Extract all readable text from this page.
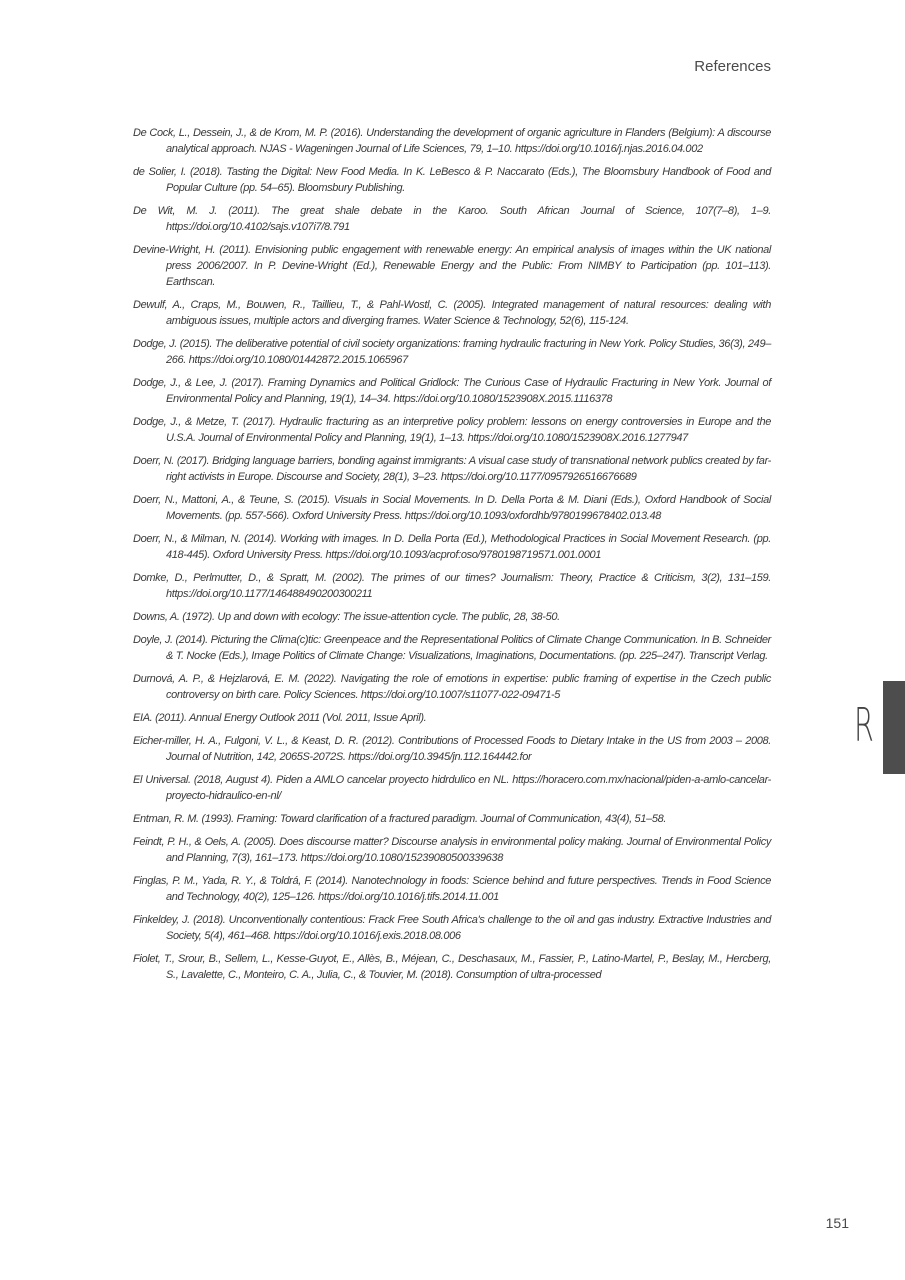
References
De Cock, L., Dessein, J., & de Krom, M. P. (2016). Understanding the development of organic agriculture in Flanders (Belgium): A discourse analytical approach. NJAS - Wageningen Journal of Life Sciences, 79, 1–10. https://doi.org/10.1016/j.njas.2016.04.002
de Solier, I. (2018). Tasting the Digital: New Food Media. In K. LeBesco & P. Naccarato (Eds.), The Bloomsbury Handbook of Food and Popular Culture (pp. 54–65). Bloomsbury Publishing.
De Wit, M. J. (2011). The great shale debate in the Karoo. South African Journal of Science, 107(7–8), 1–9. https://doi.org/10.4102/sajs.v107i7/8.791
Devine-Wright, H. (2011). Envisioning public engagement with renewable energy: An empirical analysis of images within the UK national press 2006/2007. In P. Devine-Wright (Ed.), Renewable Energy and the Public: From NIMBY to Participation (pp. 101–113). Earthscan.
Dewulf, A., Craps, M., Bouwen, R., Taillieu, T., & Pahl-Wostl, C. (2005). Integrated management of natural resources: dealing with ambiguous issues, multiple actors and diverging frames. Water Science & Technology, 52(6), 115-124.
Dodge, J. (2015). The deliberative potential of civil society organizations: framing hydraulic fracturing in New York. Policy Studies, 36(3), 249–266. https://doi.org/10.1080/01442872.2015.1065967
Dodge, J., & Lee, J. (2017). Framing Dynamics and Political Gridlock: The Curious Case of Hydraulic Fracturing in New York. Journal of Environmental Policy and Planning, 19(1), 14–34. https://doi.org/10.1080/1523908X.2015.1116378
Dodge, J., & Metze, T. (2017). Hydraulic fracturing as an interpretive policy problem: lessons on energy controversies in Europe and the U.S.A. Journal of Environmental Policy and Planning, 19(1), 1–13. https://doi.org/10.1080/1523908X.2016.1277947
Doerr, N. (2017). Bridging language barriers, bonding against immigrants: A visual case study of transnational network publics created by far-right activists in Europe. Discourse and Society, 28(1), 3–23. https://doi.org/10.1177/0957926516676689
Doerr, N., Mattoni, A., & Teune, S. (2015). Visuals in Social Movements. In D. Della Porta & M. Diani (Eds.), Oxford Handbook of Social Movements. (pp. 557-566). Oxford University Press. https://doi.org/10.1093/oxfordhb/9780199678402.013.48
Doerr, N., & Milman, N. (2014). Working with images. In D. Della Porta (Ed.), Methodological Practices in Social Movement Research. (pp. 418-445). Oxford University Press. https://doi.org/10.1093/acprof:oso/9780198719571.001.0001
Domke, D., Perlmutter, D., & Spratt, M. (2002). The primes of our times? Journalism: Theory, Practice & Criticism, 3(2), 131–159. https://doi.org/10.1177/146488490200300211
Downs, A. (1972). Up and down with ecology: The issue-attention cycle. The public, 28, 38-50.
Doyle, J. (2014). Picturing the Clima(c)tic: Greenpeace and the Representational Politics of Climate Change Communication. In B. Schneider & T. Nocke (Eds.), Image Politics of Climate Change: Visualizations, Imaginations, Documentations. (pp. 225–247). Transcript Verlag.
Durnová, A. P., & Hejzlarová, E. M. (2022). Navigating the role of emotions in expertise: public framing of expertise in the Czech public controversy on birth care. Policy Sciences. https://doi.org/10.1007/s11077-022-09471-5
EIA. (2011). Annual Energy Outlook 2011 (Vol. 2011, Issue April).
Eicher-miller, H. A., Fulgoni, V. L., & Keast, D. R. (2012). Contributions of Processed Foods to Dietary Intake in the US from 2003 – 2008. Journal of Nutrition, 142, 2065S-2072S. https://doi.org/10.3945/jn.112.164442.for
El Universal. (2018, August 4). Piden a AMLO cancelar proyecto hidrdulico en NL. https://horacero.com.mx/nacional/piden-a-amlo-cancelar-proyecto-hidraulico-en-nl/
Entman, R. M. (1993). Framing: Toward clarification of a fractured paradigm. Journal of Communication, 43(4), 51–58.
Feindt, P. H., & Oels, A. (2005). Does discourse matter? Discourse analysis in environmental policy making. Journal of Environmental Policy and Planning, 7(3), 161–173. https://doi.org/10.1080/15239080500339638
Finglas, P. M., Yada, R. Y., & Toldrá, F. (2014). Nanotechnology in foods: Science behind and future perspectives. Trends in Food Science and Technology, 40(2), 125–126. https://doi.org/10.1016/j.tifs.2014.11.001
Finkeldey, J. (2018). Unconventionally contentious: Frack Free South Africa's challenge to the oil and gas industry. Extractive Industries and Society, 5(4), 461–468. https://doi.org/10.1016/j.exis.2018.08.006
Fiolet, T., Srour, B., Sellem, L., Kesse-Guyot, E., Allès, B., Méjean, C., Deschasaux, M., Fassier, P., Latino-Martel, P., Beslay, M., Hercberg, S., Lavalette, C., Monteiro, C. A., Julia, C., & Touvier, M. (2018). Consumption of ultra-processed
R
151
